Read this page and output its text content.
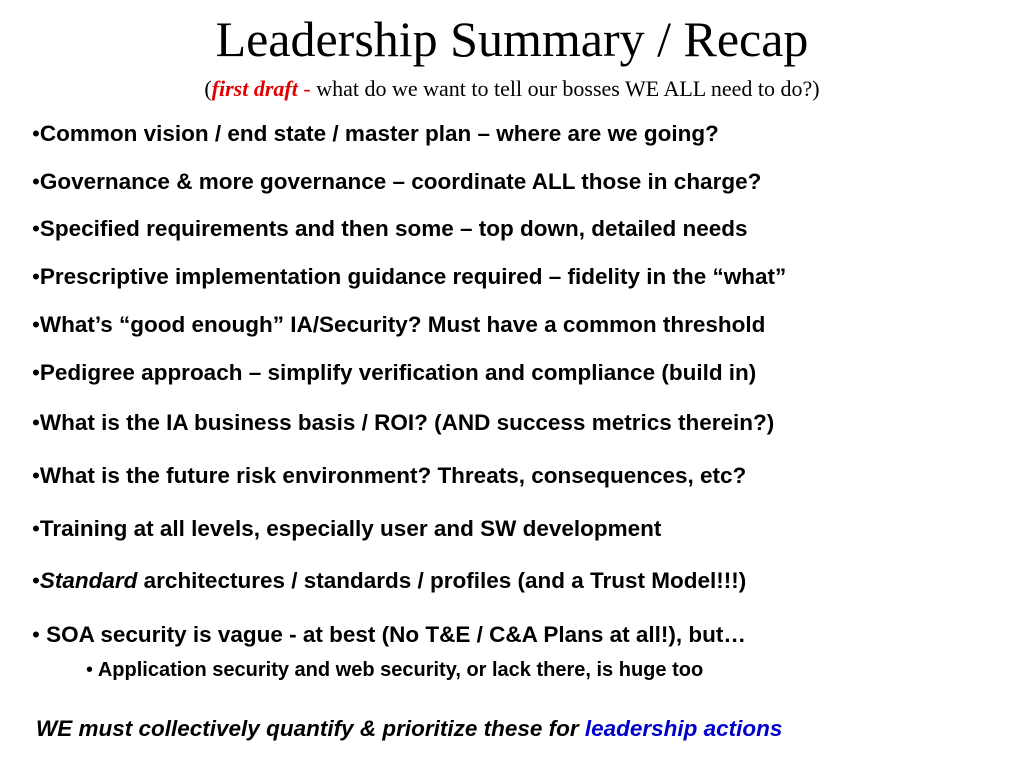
Leadership Summary / Recap
(first draft - what do we want to tell our bosses WE ALL need to do?)
•Common vision / end state / master plan – where are we going?
•Governance & more governance – coordinate ALL those in charge?
•Specified requirements and then some – top down, detailed needs
•Prescriptive implementation guidance required – fidelity in the “what”
•What’s “good enough” IA/Security? Must have a common threshold
•Pedigree approach – simplify verification and compliance (build in)
•What is the IA business basis / ROI? (AND success metrics therein?)
•What is the future risk environment? Threats, consequences, etc?
•Training at all levels, especially user and SW development
•Standard architectures / standards / profiles (and a Trust Model!!!)
• SOA security is vague - at best (No T&E / C&A Plans at all!), but…
• Application security and web security, or lack there, is huge too
WE must collectively quantify & prioritize these for leadership actions
